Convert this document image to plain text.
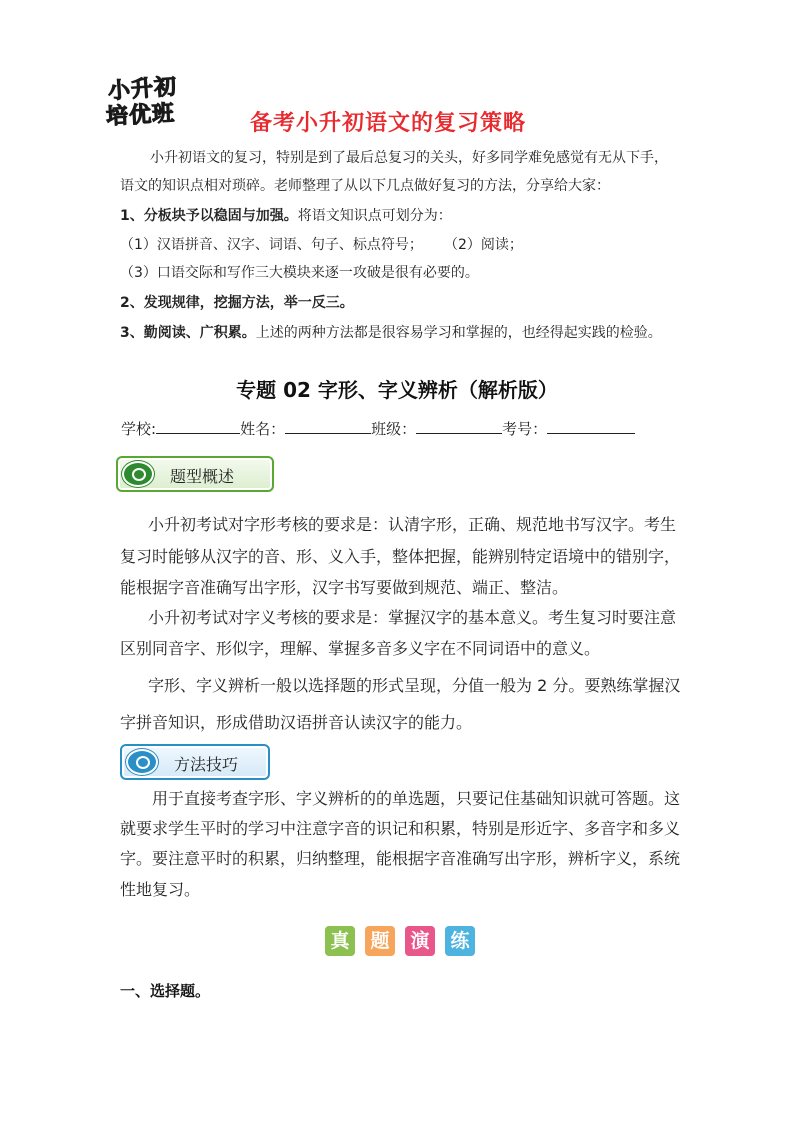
小升初
培优班	备考小升初语文的复习策略
小升初语文的复习，特别是到了最后总复习的关头，好多同学难免感觉有无从下手，
语文的知识点相对琐碎。老师整理了从以下几点做好复习的方法，分享给大家：
1、分板块予以稳固与加强。将语文知识点可划分为：
（1）汉语拼音、汉字、词语、句子、标点符号； （2）阅读；
（3）口语交际和写作三大模块来逐一攻破是很有必要的。
2、发现规律，挖掘方法，举一反三。
3、勤阅读、广积累。上述的两种方法都是很容易学习和掌握的，也经得起实践的检验。
专题 02 字形、字义辨析（解析版）
学校:	姓名：	班级：	考号：
题型概述
小升初考试对字形考核的要求是：认清字形，正确、规范地书写汉字。考生
复习时能够从汉字的音、形、义入手，整体把握，能辨别特定语境中的错别字，
能根据字音准确写出字形，汉字书写要做到规范、端正、整洁。
小升初考试对字义考核的要求是：掌握汉字的基本意义。考生复习时要注意
区别同音字、形似字，理解、掌握多音多义字在不同词语中的意义。
字形、字义辨析一般以选择题的形式呈现，分值一般为 2 分。要熟练掌握汉
字拼音知识，形成借助汉语拼音认读汉字的能力。
方法技巧
用于直接考查字形、字义辨析的的单选题，只要记住基础知识就可答题。这
就要求学生平时的学习中注意字音的识记和积累，特别是形近字、多音字和多义
字。要注意平时的积累，归纳整理，能根据字音准确写出字形，辨析字义，系统
性地复习。
真 题 演 练
一、选择题。
